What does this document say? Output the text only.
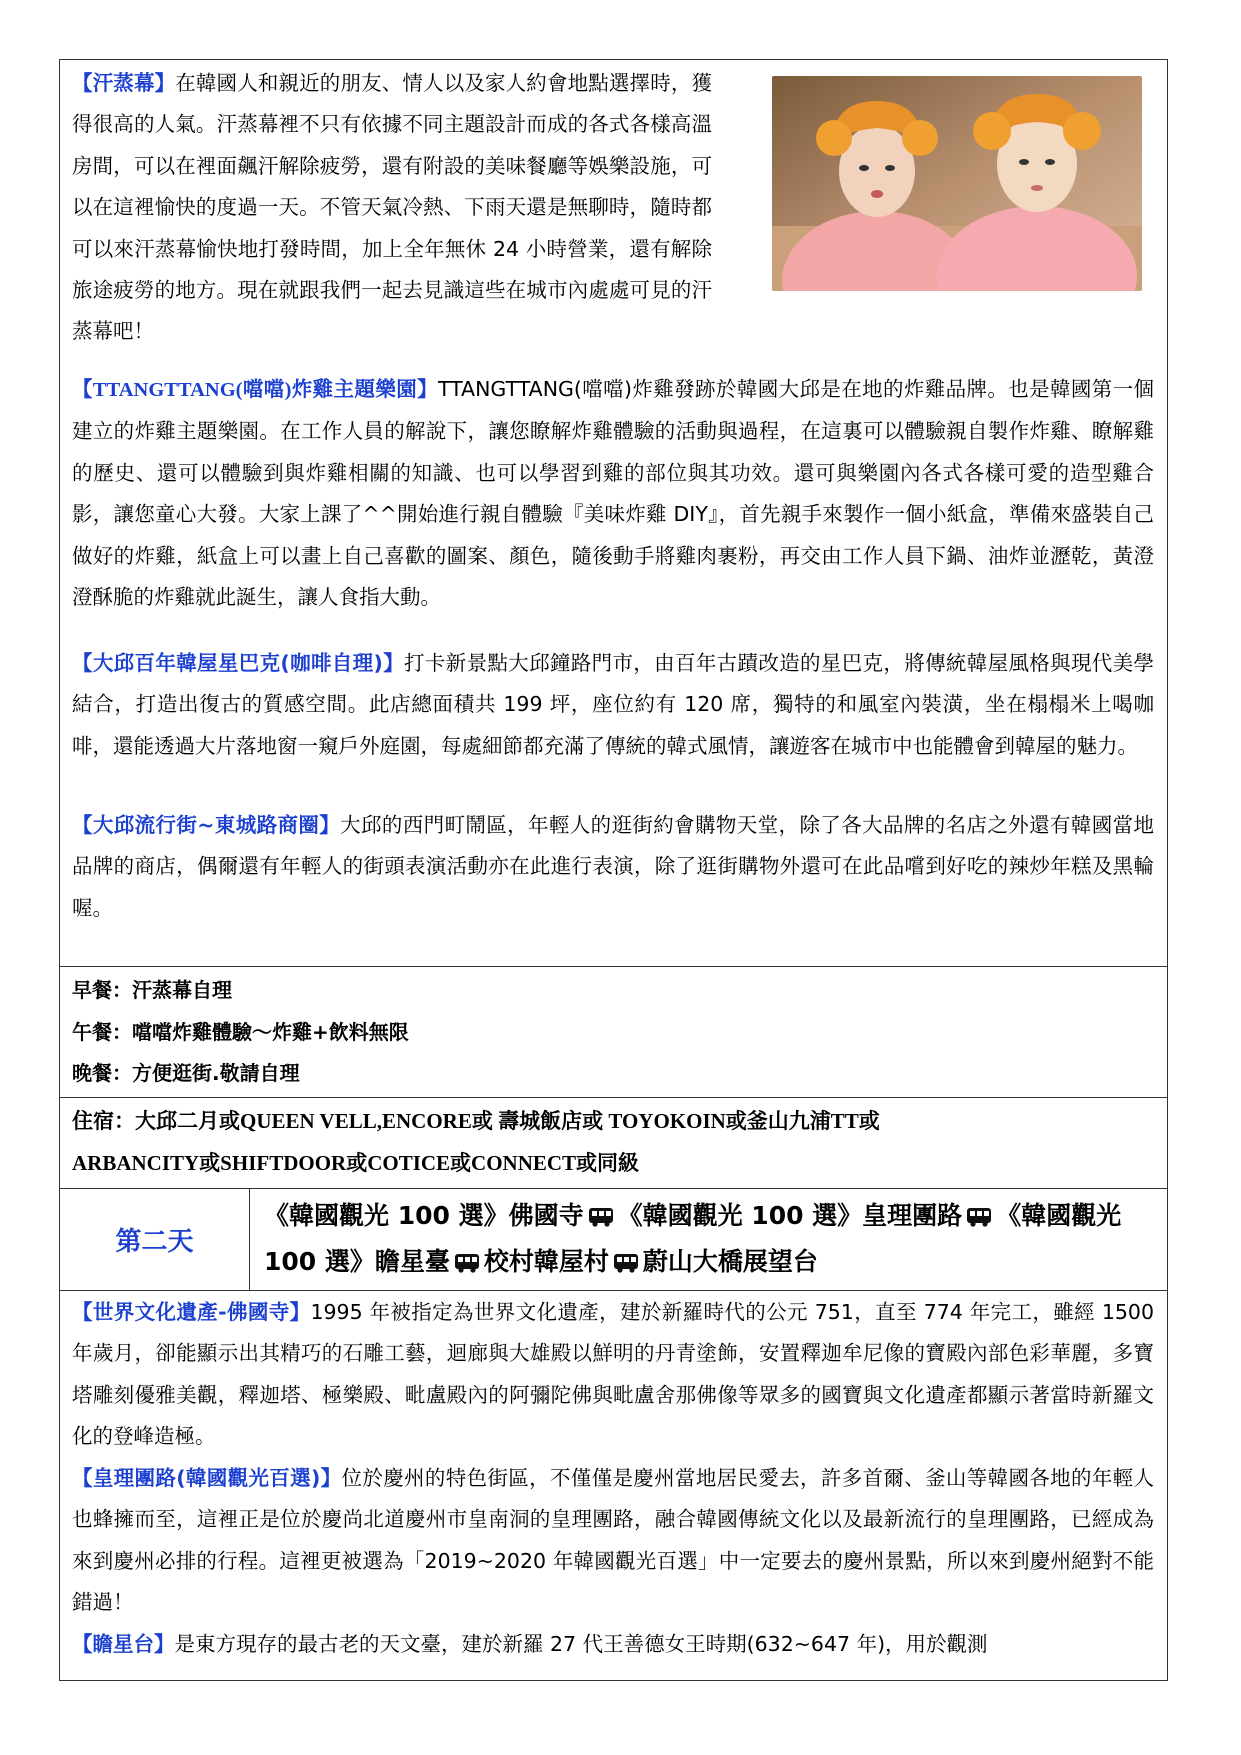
【汗蒸幕】在韓國人和親近的朋友、情人以及家人約會地點選擇時，獲得很高的人氣。汗蒸幕裡不只有依據不同主題設計而成的各式各樣高溫房間，可以在裡面飆汗解除疲勞，還有附設的美味餐廳等娛樂設施，可以在這裡愉快的度過一天。不管天氣冷熱、下雨天還是無聊時，隨時都可以來汗蒸幕愉快地打發時間，加上全年無休 24 小時營業，還有解除旅途疲勞的地方。現在就跟我們一起去見識這些在城市內處處可見的汗蒸幕吧！
【TTANGTTANG(噹噹)炸雞主題樂園】TTANGTTANG(噹噹)炸雞發跡於韓國大邱是在地的炸雞品牌。也是韓國第一個建立的炸雞主題樂園。在工作人員的解說下，讓您瞭解炸雞體驗的活動與過程，在這裏可以體驗親自製作炸雞、瞭解雞的歷史、還可以體驗到與炸雞相關的知識、也可以學習到雞的部位與其功效。還可與樂園內各式各樣可愛的造型雞合影，讓您童心大發。大家上課了^^開始進行親自體驗『美味炸雞 DIY』，首先親手來製作一個小紙盒，準備來盛裝自己做好的炸雞，紙盒上可以畫上自己喜歡的圖案、顏色，隨後動手將雞肉裹粉，再交由工作人員下鍋、油炸並瀝乾，黃澄澄酥脆的炸雞就此誕生，讓人食指大動。
【大邱百年韓屋星巴克(咖啡自理)】打卡新景點大邱鐘路門市，由百年古蹟改造的星巴克，將傳統韓屋風格與現代美學結合，打造出復古的質感空間。此店總面積共 199 坪，座位約有 120 席，獨特的和風室內裝潢，坐在榻榻米上喝咖啡，還能透過大片落地窗一窺戶外庭園，每處細節都充滿了傳統的韓式風情，讓遊客在城市中也能體會到韓屋的魅力。
【大邱流行街~東城路商圈】大邱的西門町鬧區，年輕人的逛街約會購物天堂，除了各大品牌的名店之外還有韓國當地品牌的商店，偶爾還有年輕人的街頭表演活動亦在此進行表演，除了逛街購物外還可在此品嚐到好吃的辣炒年糕及黑輪喔。
早餐：汗蒸幕自理
午餐：噹噹炸雞體驗～炸雞+飲料無限
晚餐：方便逛街.敬請自理
住宿：大邱二月或QUEEN VELL,ENCORE或 壽城飯店或 TOYOKOIN或釜山九浦TT或
ARBANCITY或SHIFTDOOR或COTICE或CONNECT或同級
第二天
《韓國觀光 100 選》佛國寺 《韓國觀光 100 選》皇理團路 《韓國觀光 100 選》瞻星臺 校村韓屋村 蔚山大橋展望台
【世界文化遺產-佛國寺】1995 年被指定為世界文化遺產，建於新羅時代的公元 751，直至 774 年完工，雖經 1500 年歲月，卻能顯示出其精巧的石雕工藝，迴廊與大雄殿以鮮明的丹青塗飾，安置釋迦牟尼像的寶殿內部色彩華麗，多寶塔雕刻優雅美觀，釋迦塔、極樂殿、毗盧殿內的阿彌陀佛與毗盧舍那佛像等眾多的國寶與文化遺產都顯示著當時新羅文化的登峰造極。
【皇理團路(韓國觀光百選)】位於慶州的特色街區，不僅僅是慶州當地居民愛去，許多首爾、釜山等韓國各地的年輕人也蜂擁而至，這裡正是位於慶尚北道慶州市皇南洞的皇理團路，融合韓國傳統文化以及最新流行的皇理團路，已經成為來到慶州必排的行程。這裡更被選為「2019~2020 年韓國觀光百選」中一定要去的慶州景點，所以來到慶州絕對不能錯過！
【瞻星台】是東方現存的最古老的天文臺，建於新羅 27 代王善德女王時期(632~647 年)，用於觀測
